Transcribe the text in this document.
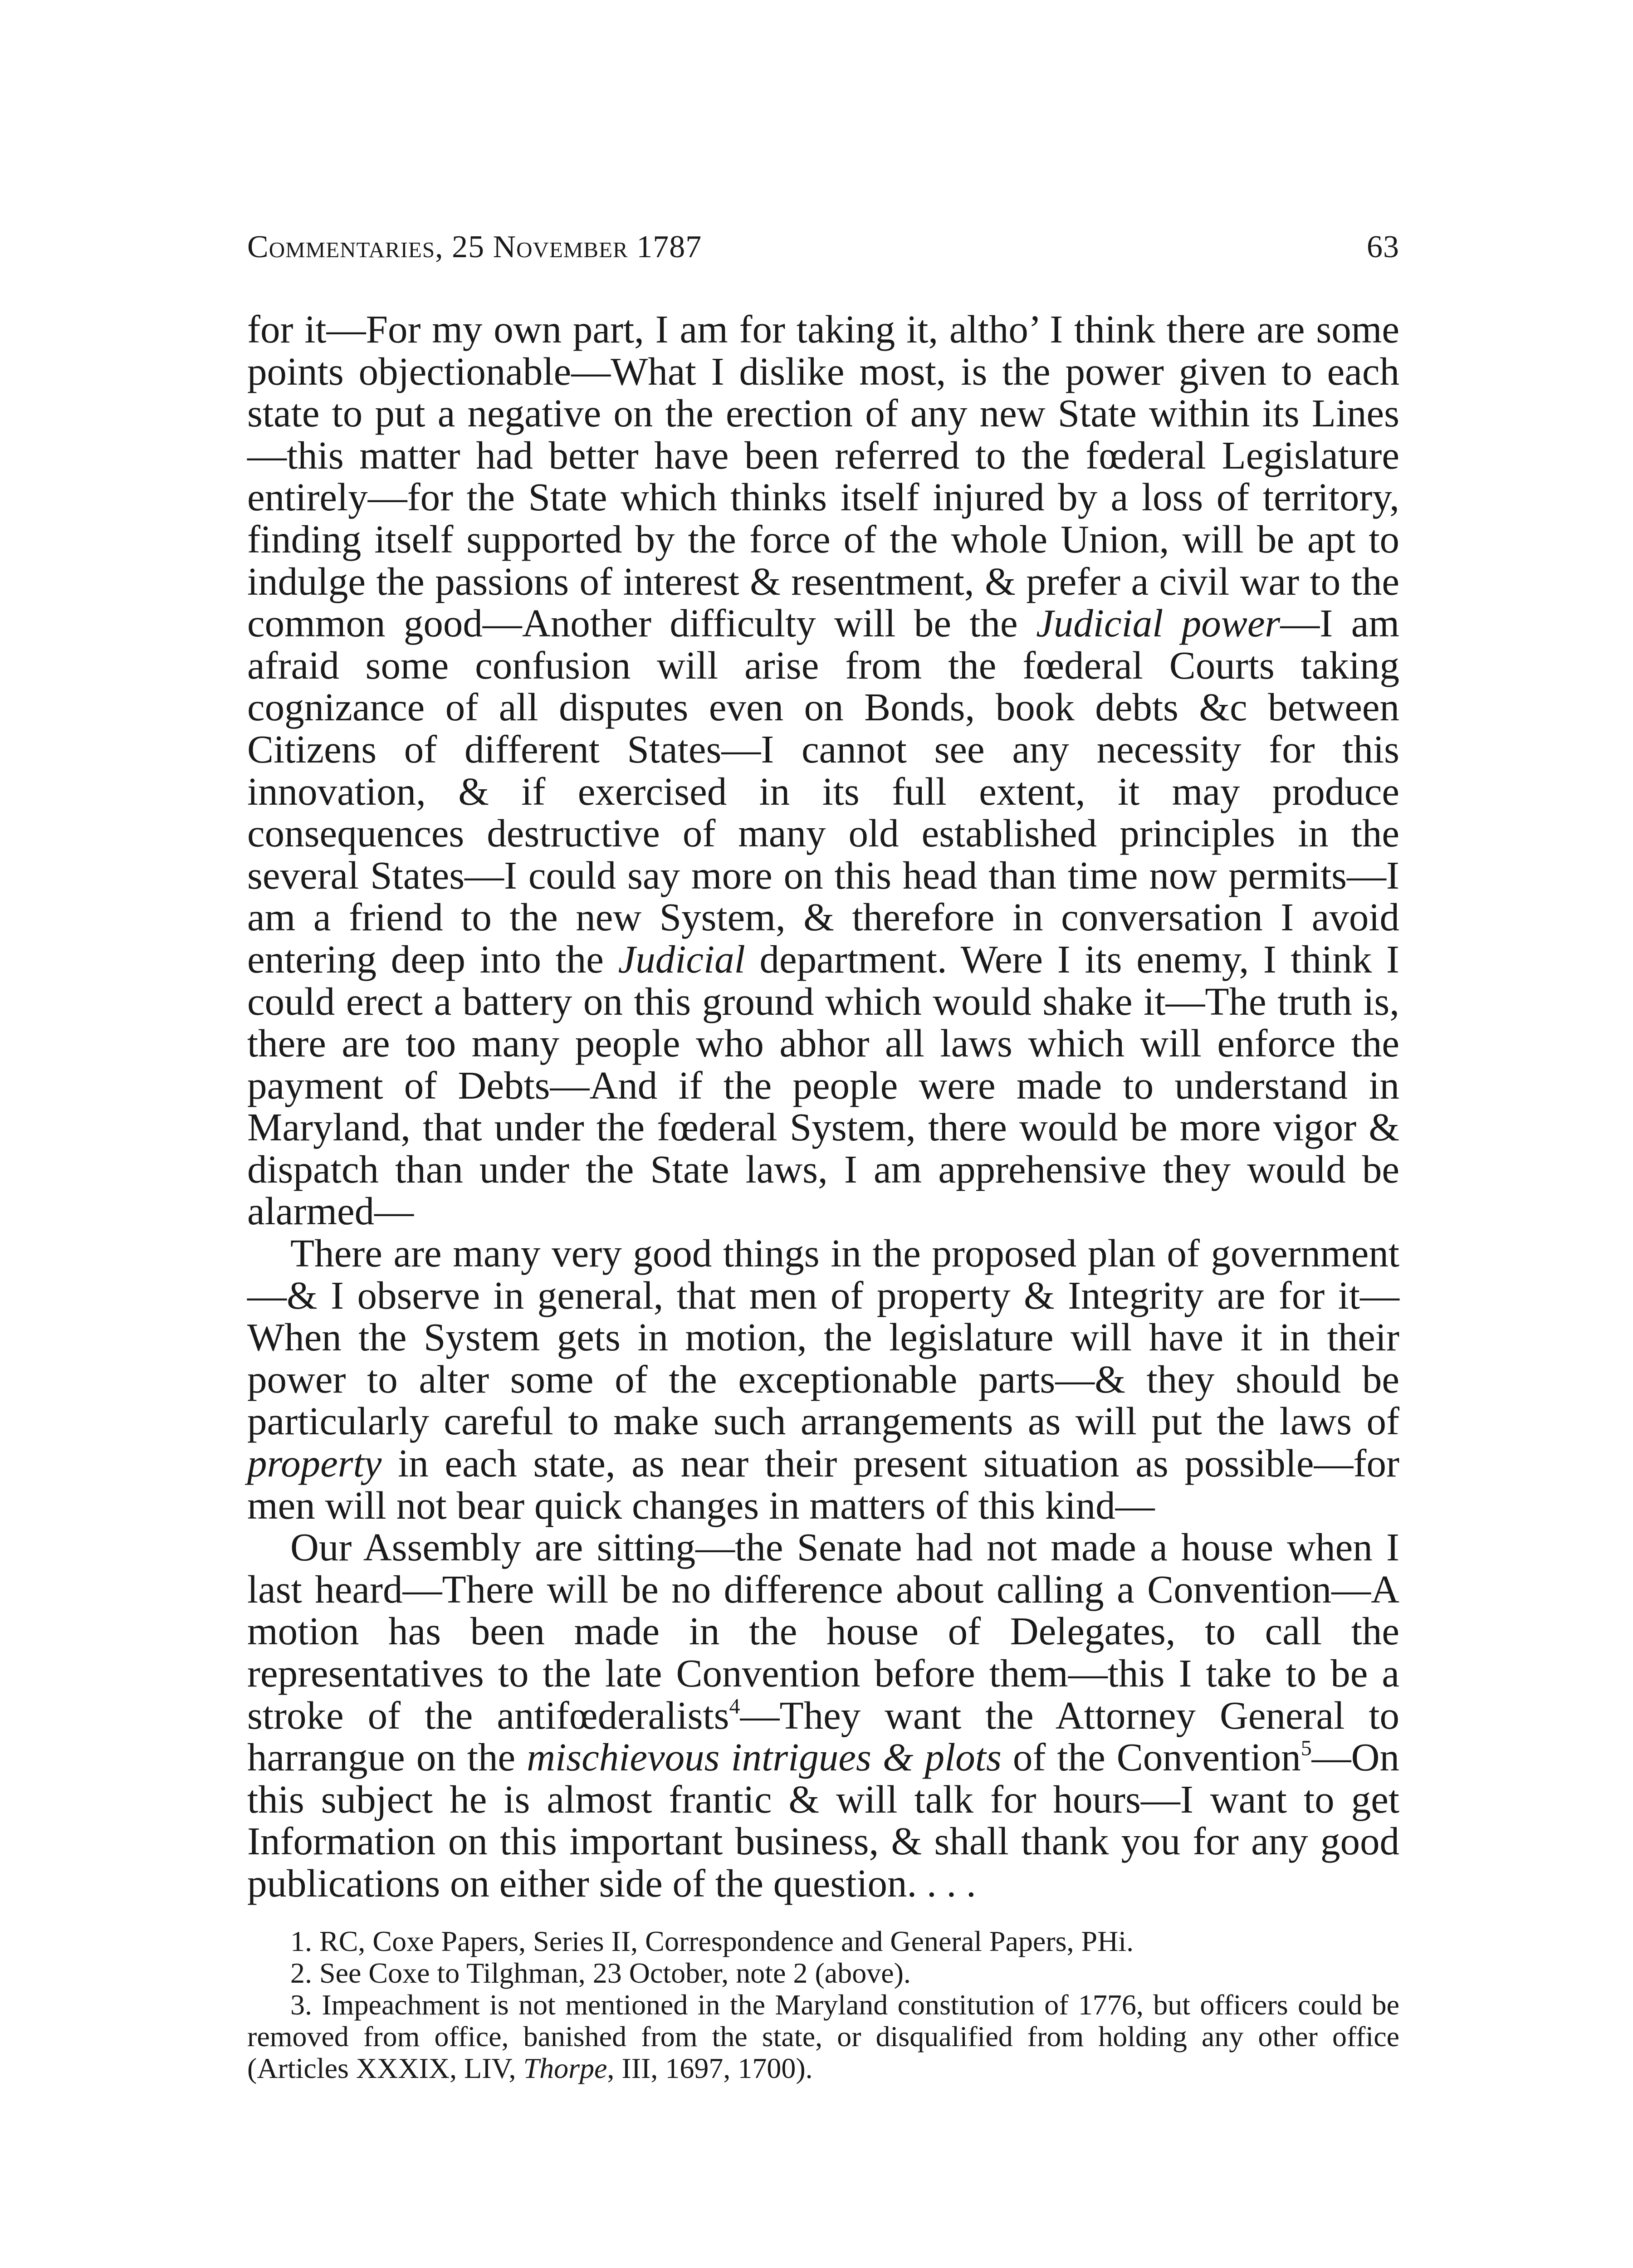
Commentaries, 25 November 1787	63

for it—For my own part, I am for taking it, altho’ I think there are some points objectionable—What I dislike most, is the power given to each state to put a negative on the erection of any new State within its Lines—this matter had better have been referred to the fœderal Legislature entirely—for the State which thinks itself injured by a loss of territory, finding itself supported by the force of the whole Union, will be apt to indulge the passions of interest & resentment, & prefer a civil war to the common good—Another difficulty will be the Judicial power—I am afraid some confusion will arise from the fœderal Courts taking cognizance of all disputes even on Bonds, book debts &c between Citizens of different States—I cannot see any necessity for this innovation, & if exercised in its full extent, it may produce consequences destructive of many old established principles in the several States—I could say more on this head than time now permits—I am a friend to the new System, & therefore in conversation I avoid entering deep into the Judicial department. Were I its enemy, I think I could erect a battery on this ground which would shake it—The truth is, there are too many people who abhor all laws which will enforce the payment of Debts—And if the people were made to understand in Maryland, that under the fœderal System, there would be more vigor & dispatch than under the State laws, I am apprehensive they would be alarmed—

There are many very good things in the proposed plan of government—& I observe in general, that men of property & Integrity are for it—When the System gets in motion, the legislature will have it in their power to alter some of the exceptionable parts—& they should be particularly careful to make such arrangements as will put the laws of property in each state, as near their present situation as possible—for men will not bear quick changes in matters of this kind—

Our Assembly are sitting—the Senate had not made a house when I last heard—There will be no difference about calling a Convention—A motion has been made in the house of Delegates, to call the representatives to the late Convention before them—this I take to be a stroke of the antifœderalists$^4$—They want the Attorney General to harrangue on the mischievous intrigues & plots of the Convention$^5$—On this subject he is almost frantic & will talk for hours—I want to get Information on this important business, & shall thank you for any good publications on either side of the question. . . .

1. RC, Coxe Papers, Series II, Correspondence and General Papers, PHi.

2. See Coxe to Tilghman, 23 October, note 2 (above).

3. Impeachment is not mentioned in the Maryland constitution of 1776, but officers could be removed from office, banished from the state, or disqualified from holding any other office (Articles XXXIX, LIV, Thorpe, III, 1697, 1700).
